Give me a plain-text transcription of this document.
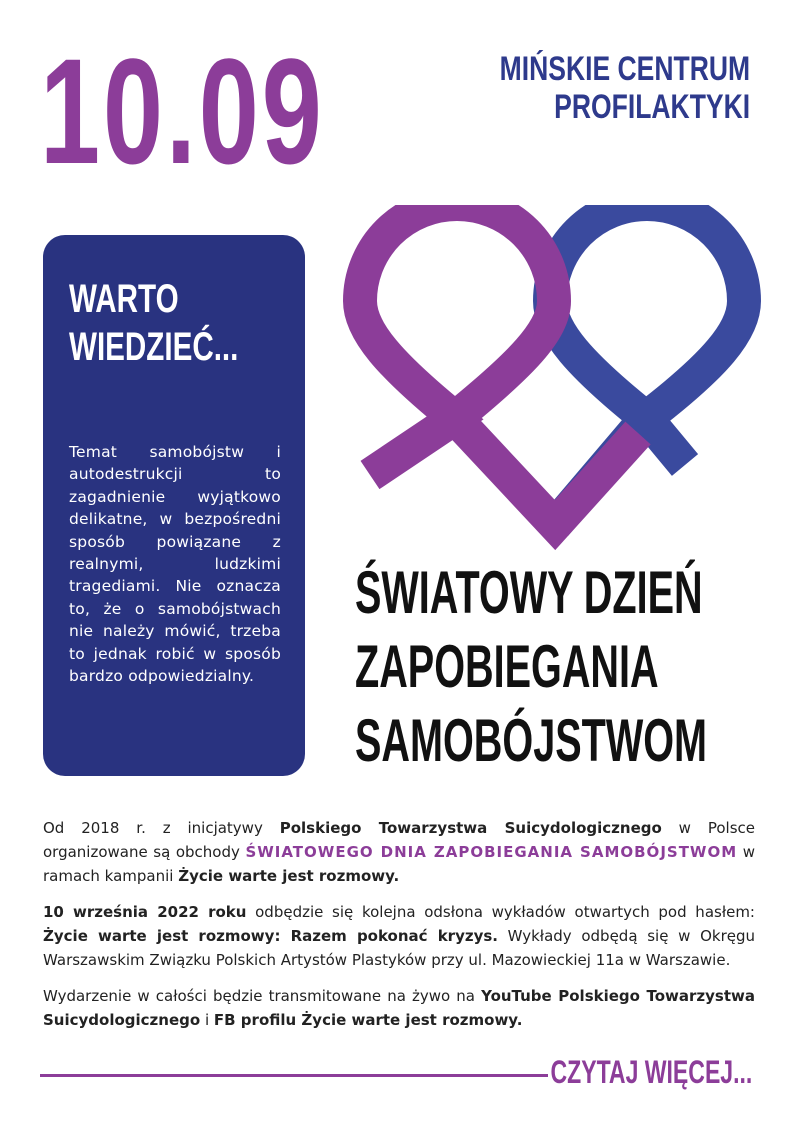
10.09	MIŃSKIE CENTRUM
PROFILAKTYKI
WARTO
WIEDZIEĆ...
Temat samobójstw i autodestrukcji to zagadnienie wyjątkowo delikatne, w bezpośredni sposób powiązane z realnymi, ludzkimi tragediami. Nie oznacza to, że o samobójstwach nie należy mówić, trzeba to jednak robić w sposób bardzo odpowiedzialny.
ŚWIATOWY DZIEŃ
ZAPOBIEGANIA
SAMOBÓJSTWOM

Od 2018 r. z inicjatywy Polskiego Towarzystwa Suicydologicznego w Polsce organizowane są obchody ŚWIATOWEGO DNIA ZAPOBIEGANIA SAMOBÓJSTWOM w ramach kampanii Życie warte jest rozmowy.

10 września 2022 roku odbędzie się kolejna odsłona wykładów otwartych pod hasłem: Życie warte jest rozmowy: Razem pokonać kryzys. Wykłady odbędą się w Okręgu Warszawskim Związku Polskich Artystów Plastyków przy ul. Mazowieckiej 11a w Warszawie.

Wydarzenie w całości będzie transmitowane na żywo na YouTube Polskiego Towarzystwa Suicydologicznego i FB profilu Życie warte jest rozmowy.

CZYTAJ WIĘCEJ...
